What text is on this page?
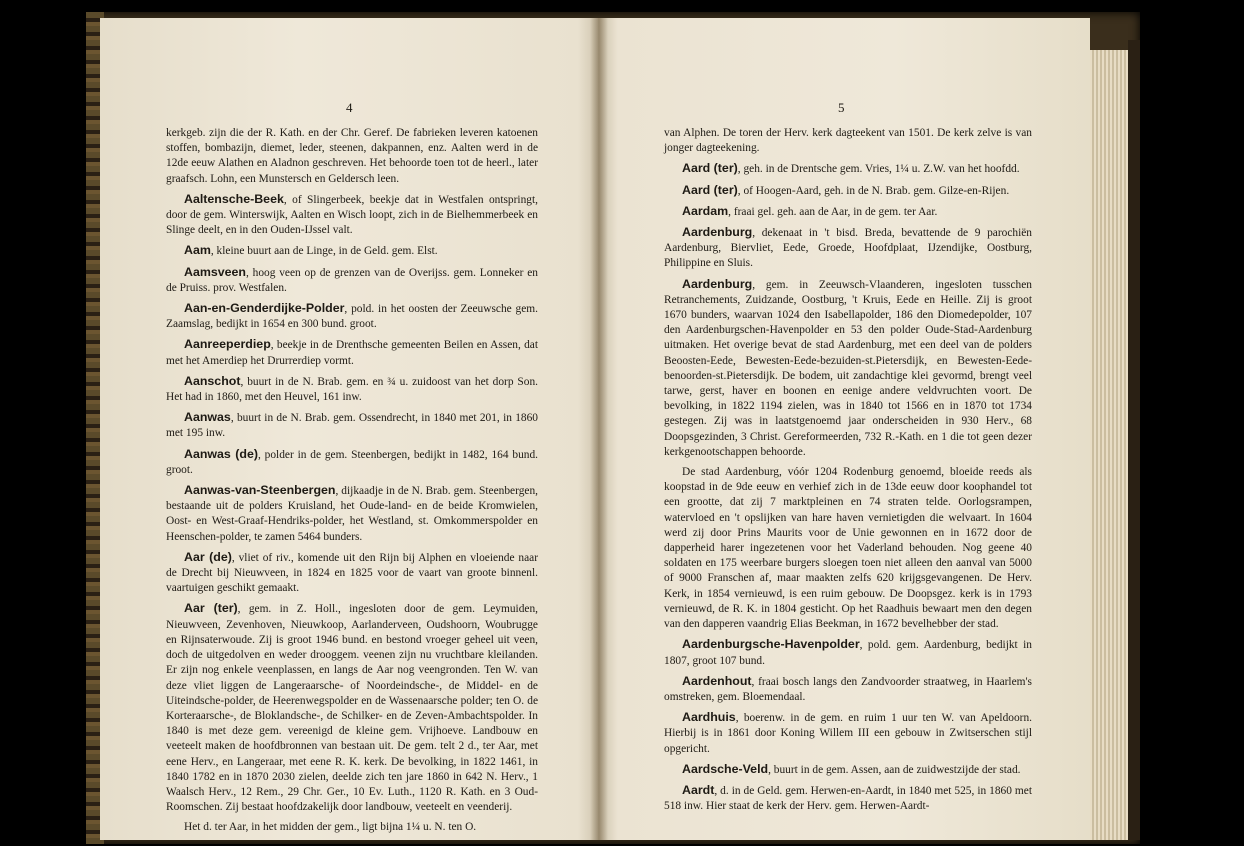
4

kerkgeb. zijn die der R. Kath. en der Chr. Geref. De fabrieken leveren katoenen stoffen, bombazijn, diemet, leder, steenen, dakpannen, enz. Aalten werd in de 12de eeuw Alathen en Aladnon geschreven. Het behoorde toen tot de heerl., later graafsch. Lohn, een Munstersch en Geldersch leen.

Aaltensche-Beek, of Slingerbeek, beekje dat in Westfalen ontspringt, door de gem. Winterswijk, Aalten en Wisch loopt, zich in de Bielhemmerbeek en Slinge deelt, en in den Ouden-IJssel valt.

Aam, kleine buurt aan de Linge, in de Geld. gem. Elst.

Aamsveen, hoog veen op de grenzen van de Overijss. gem. Lonneker en de Pruiss. prov. Westfalen.

Aan-en-Genderdijke-Polder, pold. in het oosten der Zeeuwsche gem. Zaamslag, bedijkt in 1654 en 300 bund. groot.

Aanreeperdiep, beekje in de Drenthsche gemeenten Beilen en Assen, dat met het Amerdiep het Drurrerdiep vormt.

Aanschot, buurt in de N. Brab. gem. en ¾ u. zuidoost van het dorp Son. Het had in 1860, met den Heuvel, 161 inw.

Aanwas, buurt in de N. Brab. gem. Ossendrecht, in 1840 met 201, in 1860 met 195 inw.

Aanwas (de), polder in de gem. Steenbergen, bedijkt in 1482, 164 bund. groot.

Aanwas-van-Steenbergen, dijkaadje in de N. Brab. gem. Steenbergen, bestaande uit de polders Kruisland, het Oude-land- en de beide Kromwielen, Oost- en West-Graaf-Hendriks-polder, het Westland, st. Omkommerspolder en Heenschen-polder, te zamen 5464 bunders.

Aar (de), vliet of riv., komende uit den Rijn bij Alphen en vloeiende naar de Drecht bij Nieuwveen, in 1824 en 1825 voor de vaart van groote binnenl. vaartuigen geschikt gemaakt.

Aar (ter), gem. in Z. Holl., ingesloten door de gem. Leymuiden, Nieuwveen, Zevenhoven, Nieuwkoop, Aarlanderveen, Oudshoorn, Woubrugge en Rijnsaterwoude. Zij is groot 1946 bund. en bestond vroeger geheel uit veen, doch de uitgedolven en weder drooggem. veenen zijn nu vruchtbare kleilanden. Er zijn nog enkele veenplassen, en langs de Aar nog veengronden. Ten W. van deze vliet liggen de Langeraarsche- of Noordeindsche-, de Middel- en de Uiteindsche-polder, de Heerenwegspolder en de Wassenaarsche polder; ten O. de Korteraarsche-, de Bloklandsche-, de Schilker- en de Zeven-Ambachtspolder. In 1840 is met deze gem. vereenigd de kleine gem. Vrijhoeve. Landbouw en veeteelt maken de hoofdbronnen van bestaan uit. De gem. telt 2 d., ter Aar, met eene Herv., en Langeraar, met eene R. K. kerk. De bevolking, in 1822 1461, in 1840 1782 en in 1870 2030 zielen, deelde zich ten jare 1860 in 642 N. Herv., 1 Waalsch Herv., 12 Rem., 29 Chr. Ger., 10 Ev. Luth., 1120 R. Kath. en 3 Oud-Roomschen. Zij bestaat hoofdzakelijk door landbouw, veeteelt en veenderij.

Het d. ter Aar, in het midden der gem., ligt bijna 1¼ u. N. ten O.

5

van Alphen. De toren der Herv. kerk dagteekent van 1501. De kerk zelve is van jonger dagteekening.

Aard (ter), geh. in de Drentsche gem. Vries, 1¼ u. Z.W. van het hoofdd.

Aard (ter), of Hoogen-Aard, geh. in de N. Brab. gem. Gilze-en-Rijen.

Aardam, fraai gel. geh. aan de Aar, in de gem. ter Aar.

Aardenburg, dekenaat in 't bisd. Breda, bevattende de 9 parochiën Aardenburg, Biervliet, Eede, Groede, Hoofdplaat, IJzendijke, Oostburg, Philippine en Sluis.

Aardenburg, gem. in Zeeuwsch-Vlaanderen, ingesloten tusschen Retranchements, Zuidzande, Oostburg, 't Kruis, Eede en Heille. Zij is groot 1670 bunders, waarvan 1024 den Isabellapolder, 186 den Diomedepolder, 107 den Aardenburgschen-Havenpolder en 53 den polder Oude-Stad-Aardenburg uitmaken. Het overige bevat de stad Aardenburg, met een deel van de polders Beoosten-Eede, Bewesten-Eede-bezuiden-st.Pietersdijk, en Bewesten-Eede-benoorden-st.Pietersdijk. De bodem, uit zandachtige klei gevormd, brengt veel tarwe, gerst, haver en boonen en eenige andere veldvruchten voort. De bevolking, in 1822 1194 zielen, was in 1840 tot 1566 en in 1870 tot 1734 gestegen. Zij was in laatstgenoemd jaar onderscheiden in 930 Herv., 68 Doopsgezinden, 3 Christ. Gereformeerden, 732 R.-Kath. en 1 die tot geen dezer kerkgenootschappen behoorde.

De stad Aardenburg, vóór 1204 Rodenburg genoemd, bloeide reeds als koopstad in de 9de eeuw en verhief zich in de 13de eeuw door koophandel tot een grootte, dat zij 7 marktpleinen en 74 straten telde. Oorlogsrampen, watervloed en 't opslijken van hare haven vernietigden die welvaart. In 1604 werd zij door Prins Maurits voor de Unie gewonnen en in 1672 door de dapperheid harer ingezetenen voor het Vaderland behouden. Nog geene 40 soldaten en 175 weerbare burgers sloegen toen niet alleen den aanval van 5000 of 9000 Franschen af, maar maakten zelfs 620 krijgsgevangenen. De Herv. Kerk, in 1854 vernieuwd, is een ruim gebouw. De Doopsgez. kerk is in 1793 vernieuwd, de R. K. in 1804 gesticht. Op het Raadhuis bewaart men den degen van den dapperen vaandrig Elias Beekman, in 1672 bevelhebber der stad.

Aardenburgsche-Havenpolder, pold. gem. Aardenburg, bedijkt in 1807, groot 107 bund.

Aardenhout, fraai bosch langs den Zandvoorder straatweg, in Haarlem's omstreken, gem. Bloemendaal.

Aardhuis, boerenw. in de gem. en ruim 1 uur ten W. van Apeldoorn. Hierbij is in 1861 door Koning Willem III een gebouw in Zwitserschen stijl opgericht.

Aardsche-Veld, buurt in de gem. Assen, aan de zuidwestzijde der stad.

Aardt, d. in de Geld. gem. Herwen-en-Aardt, in 1840 met 525, in 1860 met 518 inw. Hier staat de kerk der Herv. gem. Herwen-Aardt-
